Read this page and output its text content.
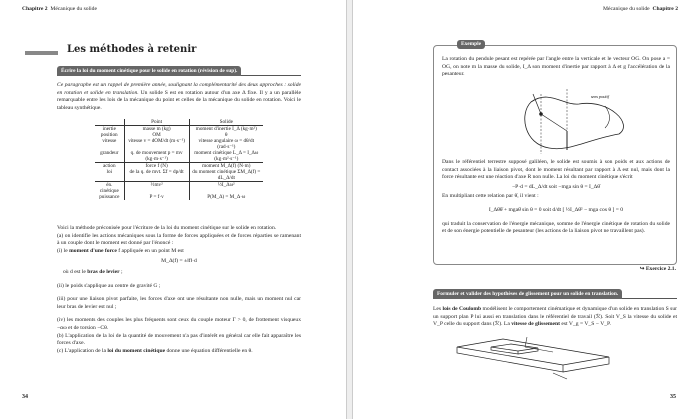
Chapitre 2 Mécanique du solide
Les méthodes à retenir
Écrire la loi du moment cinétique pour le solide en rotation (révision de sup).
Ce paragraphe est un rappel de première année, soulignant la complémentarité des deux approches : solide en rotation et solide en translation. Un solide S est en rotation autour d'un axe Δ fixe. Il y a un parallèle remarquable entre les lois de la mécanique du point et celles de la mécanique du solide en rotation. Voici le tableau synthétique.
	Point	Solide
inertie	masse m (kg)	moment d'inertie I_Δ (kg·m²)
position	OM	θ
vitesse	vitesse v = dOM/dt (m·s⁻¹)	vitesse angulaire ω = dθ/dt (rad·s⁻¹)
grandeur	q. de mouvement p = mv (kg·m·s⁻¹)	moment cinétique L_Δ = I_Δω (kg·m²·s⁻¹)
action	force f (N)	moment M_Δ(f) (N·m)
loi	de la q. de mvt. Σf = dp/dt	du moment cinétique ΣM_Δ(f) = dL_Δ/dt
én. cinétique	½mv²	½I_Δω²
puissance	P = f·v	P(M_Δ) = M_Δ·ω
Voici la méthode préconisée pour l'écriture de la loi du moment cinétique sur le solide en rotation.
(a) on identifie les actions mécaniques sous la forme de forces appliquées et de forces réparties se ramenant à un couple dont le moment est donné par l'énoncé :
(i) le moment d'une force f appliquée en un point M est
M_Δ(f) = ±‖f‖·d
où d est le bras de levier ;
(ii) le poids s'applique au centre de gravité G ;
(iii) pour une liaison pivot parfaite, les forces d'axe ont une résultante non nulle, mais un moment nul car leur bras de levier est nul ;
(iv) les moments des couples les plus fréquents sont ceux du couple moteur Γ > 0, de frottement visqueux −αω et de torsion −Cθ.
(b) L'application de la loi de la quantité de mouvement n'a pas d'intérêt en général car elle fait apparaître les forces d'axe.
(c) L'application de la loi du moment cinétique donne une équation différentielle en θ.
34
Mécanique du solide Chapitre 2
Exemple
La rotation du pendule pesant est repérée par l'angle entre la verticale et le vecteur OG. On pose a = OG, on note m la masse du solide, I_Δ son moment d'inertie par rapport à Δ et g l'accélération de la pesanteur.
sens positif
Dans le référentiel terrestre supposé galiléen, le solide est soumis à son poids et aux actions de contact associées à la liaison pivot, dont le moment résultant par rapport à Δ est nul, mais dont la force résultante est une réaction d'axe R non nulle. La loi du moment cinétique s'écrit
−P·d = dL_Δ/dt soit −mga sin θ = I_Δθ̈
En multipliant cette relation par θ̇, il vient :
I_Δθ̇θ̈ + mgaθ̇ sin θ = 0 soit d/dt [ ½I_Δθ̇² − mga cos θ ] = 0
qui traduit la conservation de l'énergie mécanique, somme de l'énergie cinétique de rotation du solide et de son énergie potentielle de pesanteur (les actions de la liaison pivot ne travaillent pas).
↪ Exercice 2.1.
Formuler et valider des hypothèses de glissement pour un solide en translation.
Les lois de Coulomb modélisent le comportement cinématique et dynamique d'un solide en translation S sur un support plan P lui aussi en translation dans le référentiel de travail (ℛ). Soit V_S la vitesse du solide et V_P celle du support dans (ℛ). La vitesse de glissement est V_g = V_S − V_P.
35
